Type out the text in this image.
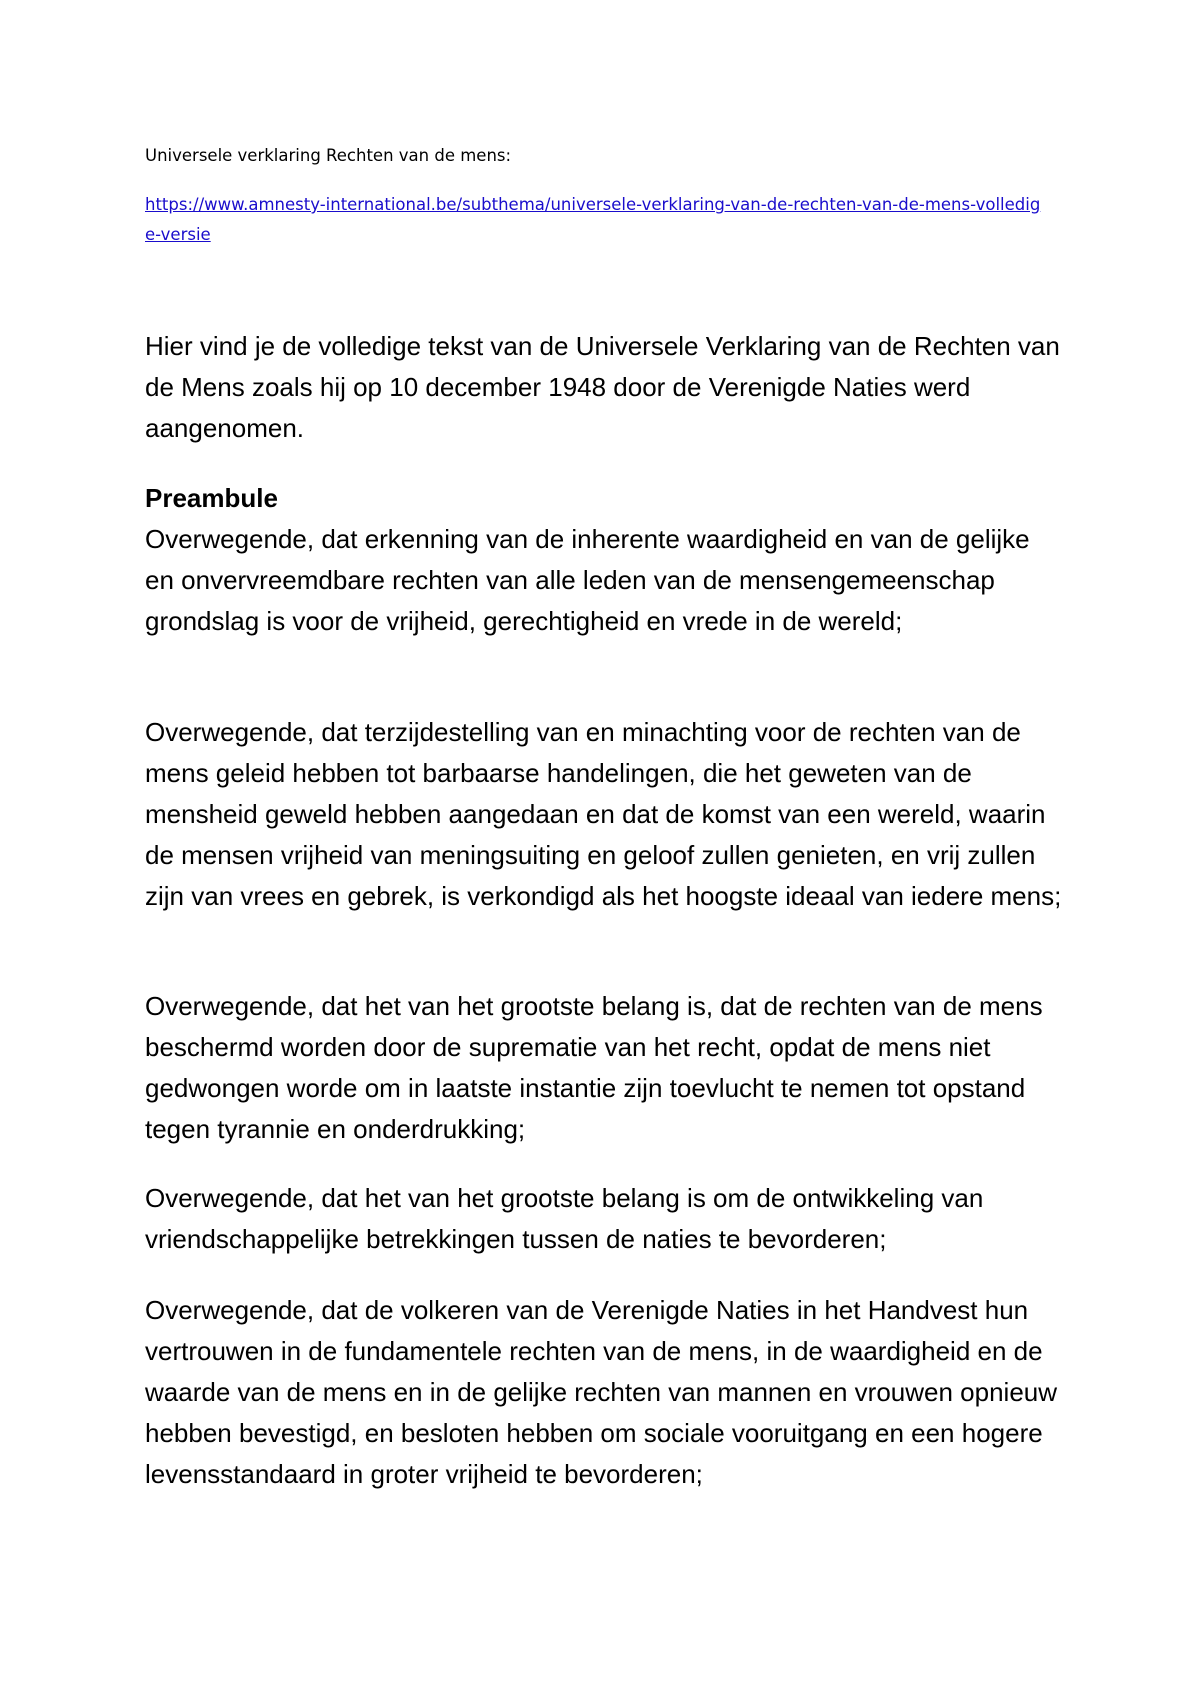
Universele verklaring Rechten van de mens:

https://www.amnesty-international.be/subthema/universele-verklaring-van-de-rechten-van-de-mens-volledige-versie

Hier vind je de volledige tekst van de Universele Verklaring van de Rechten van de Mens zoals hij op 10 december 1948 door de Verenigde Naties werd aangenomen.

Preambule

Overwegende, dat erkenning van de inherente waardigheid en van de gelijke en onvervreemdbare rechten van alle leden van de mensengemeenschap grondslag is voor de vrijheid, gerechtigheid en vrede in de wereld;

Overwegende, dat terzijdestelling van en minachting voor de rechten van de mens geleid hebben tot barbaarse handelingen, die het geweten van de mensheid geweld hebben aangedaan en dat de komst van een wereld, waarin de mensen vrijheid van meningsuiting en geloof zullen genieten, en vrij zullen zijn van vrees en gebrek, is verkondigd als het hoogste ideaal van iedere mens;

Overwegende, dat het van het grootste belang is, dat de rechten van de mens beschermd worden door de suprematie van het recht, opdat de mens niet gedwongen worde om in laatste instantie zijn toevlucht te nemen tot opstand tegen tyrannie en onderdrukking;

Overwegende, dat het van het grootste belang is om de ontwikkeling van vriendschappelijke betrekkingen tussen de naties te bevorderen;

Overwegende, dat de volkeren van de Verenigde Naties in het Handvest hun vertrouwen in de fundamentele rechten van de mens, in de waardigheid en de waarde van de mens en in de gelijke rechten van mannen en vrouwen opnieuw hebben bevestigd, en besloten hebben om sociale vooruitgang en een hogere levensstandaard in groter vrijheid te bevorderen;
